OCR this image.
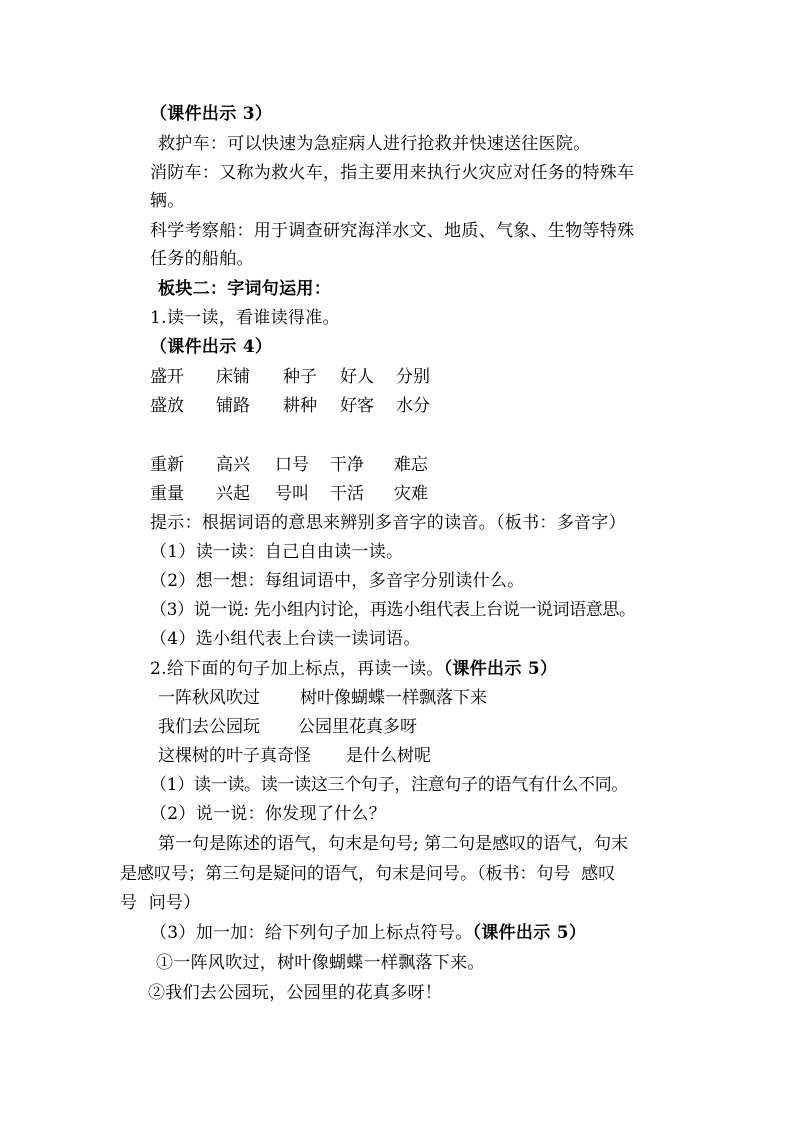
（课件出示 3）
救护车：可以快速为急症病人进行抢救并快速送往医院。
消防车：又称为救火车，指主要用来执行火灾应对任务的特殊车
辆。
科学考察船：用于调查研究海洋水文、地质、气象、生物等特殊
任务的船舶。
板块二：字词句运用：
1.读一读，看谁读得准。
（课件出示 4）
盛开 床铺 种子 好人 分别
盛放 铺路 耕种 好客 水分
重新 高兴 口号 干净 难忘
重量 兴起 号叫 干活 灾难
提示：根据词语的意思来辨别多音字的读音。（板书：多音字）
（1）读一读：自己自由读一读。
（2）想一想：每组词语中，多音字分别读什么。
（3）说一说: 先小组内讨论，再选小组代表上台说一说词语意思。
（4）选小组代表上台读一读词语。
2.给下面的句子加上标点，再读一读。（课件出示 5）
一阵秋风吹过 树叶像蝴蝶一样飘落下来
我们去公园玩 公园里花真多呀
这棵树的叶子真奇怪 是什么树呢
（1）读一读。读一读这三个句子，注意句子的语气有什么不同。
（2）说一说：你发现了什么？
第一句是陈述的语气，句末是句号; 第二句是感叹的语气，句末
是感叹号；第三句是疑问的语气，句末是问号。（板书：句号  感叹
号  问号）
（3）加一加：给下列句子加上标点符号。（课件出示 5）
①一阵风吹过，树叶像蝴蝶一样飘落下来。
②我们去公园玩，公园里的花真多呀！
